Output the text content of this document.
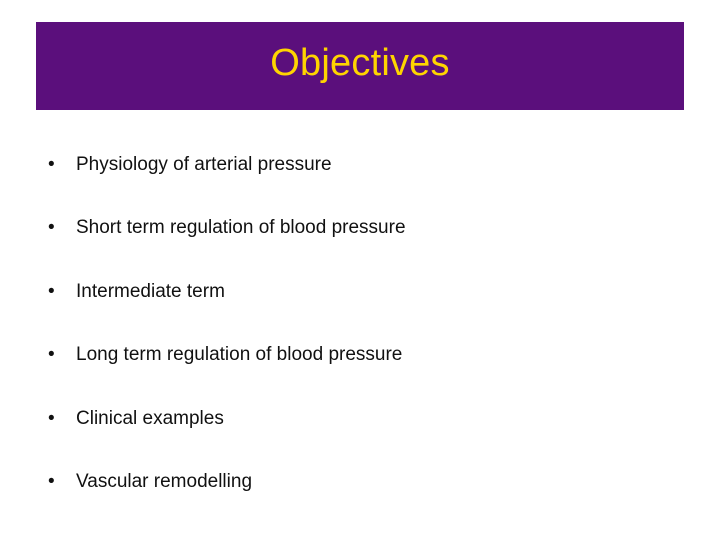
Objectives
•	Physiology of arterial pressure
•	Short term regulation of blood pressure
•	Intermediate term
•	Long term regulation of blood pressure
•	Clinical examples
•	Vascular remodelling
